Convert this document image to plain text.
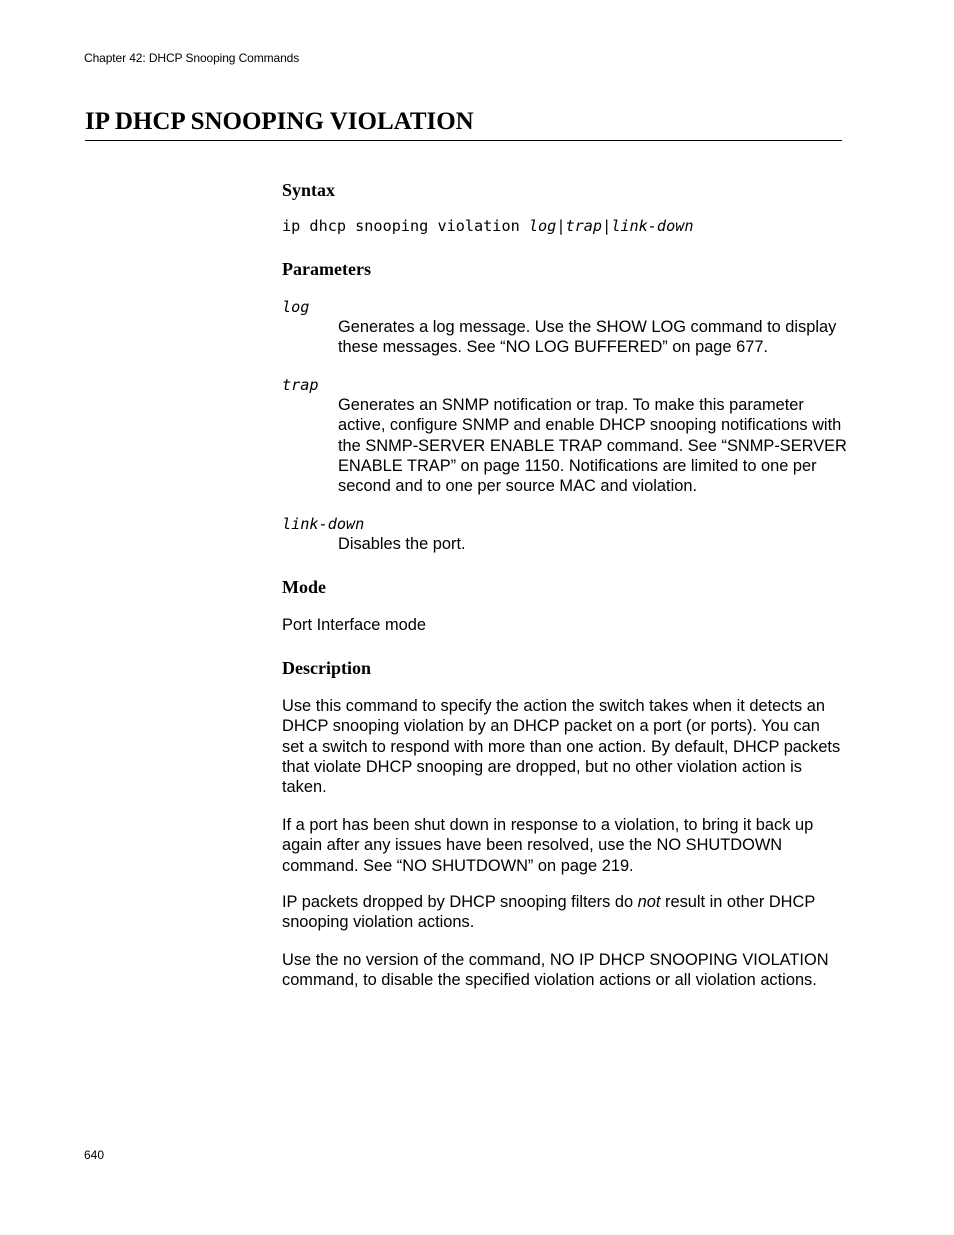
Chapter 42: DHCP Snooping Commands
IP DHCP SNOOPING VIOLATION
Syntax
ip dhcp snooping violation log|trap|link-down
Parameters
log

Generates a log message. Use the SHOW LOG command to display these messages. See “NO LOG BUFFERED” on page 677.

trap

Generates an SNMP notification or trap. To make this parameter active, configure SNMP and enable DHCP snooping notifications with the SNMP-SERVER ENABLE TRAP command. See “SNMP-SERVER ENABLE TRAP” on page 1150. Notifications are limited to one per second and to one per source MAC and violation.

link-down

Disables the port.

Mode

Port Interface mode

Description

Use this command to specify the action the switch takes when it detects an DHCP snooping violation by an DHCP packet on a port (or ports). You can set a switch to respond with more than one action. By default, DHCP packets that violate DHCP snooping are dropped, but no other violation action is taken.

If a port has been shut down in response to a violation, to bring it back up again after any issues have been resolved, use the NO SHUTDOWN command. See “NO SHUTDOWN” on page 219.

IP packets dropped by DHCP snooping filters do not result in other DHCP snooping violation actions.

Use the no version of the command, NO IP DHCP SNOOPING VIOLATION command, to disable the specified violation actions or all violation actions.

640
